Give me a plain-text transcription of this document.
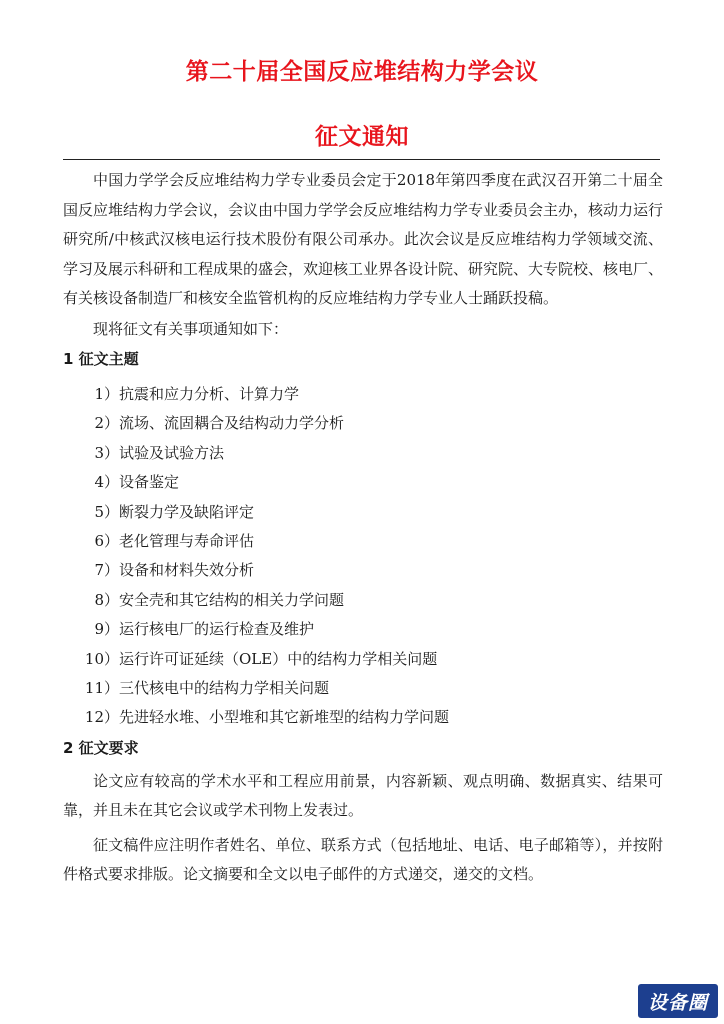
第二十届全国反应堆结构力学会议
征文通知

中国力学学会反应堆结构力学专业委员会定于2018年第四季度在武汉召开第二十届全国反应堆结构力学会议，会议由中国力学学会反应堆结构力学专业委员会主办，核动力运行研究所/中核武汉核电运行技术股份有限公司承办。此次会议是反应堆结构力学领域交流、学习及展示科研和工程成果的盛会，欢迎核工业界各设计院、研究院、大专院校、核电厂、有关核设备制造厂和核安全监管机构的反应堆结构力学专业人士踊跃投稿。

现将征文有关事项通知如下：

1 征文主题
1） 抗震和应力分析、计算力学
2） 流场、流固耦合及结构动力学分析
3） 试验及试验方法
4） 设备鉴定
5） 断裂力学及缺陷评定
6） 老化管理与寿命评估
7） 设备和材料失效分析
8） 安全壳和其它结构的相关力学问题
9） 运行核电厂的运行检查及维护
10） 运行许可证延续（OLE）中的结构力学相关问题
11） 三代核电中的结构力学相关问题
12） 先进轻水堆、小型堆和其它新堆型的结构力学问题
2 征文要求

论文应有较高的学术水平和工程应用前景，内容新颖、观点明确、数据真实、结果可靠，并且未在其它会议或学术刊物上发表过。

征文稿件应注明作者姓名、单位、联系方式（包括地址、电话、电子邮箱等），并按附件格式要求排版。论文摘要和全文以电子邮件的方式递交，递交的文档。

设备圈
